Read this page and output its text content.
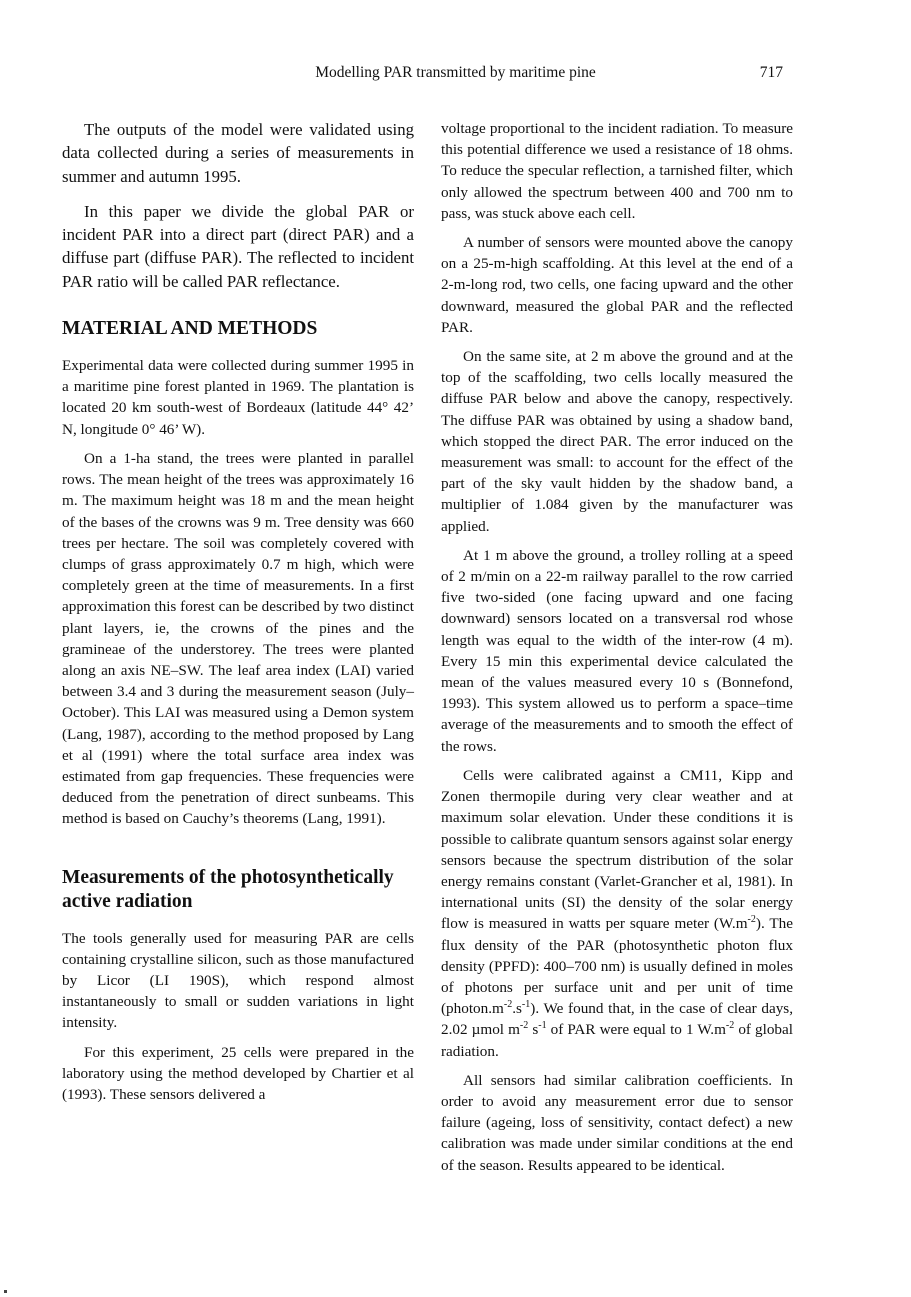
Modelling PAR transmitted by maritime pine	717

The outputs of the model were validated using data collected during a series of measurements in summer and autumn 1995.

In this paper we divide the global PAR or incident PAR into a direct part (direct PAR) and a diffuse part (diffuse PAR). The reflected to incident PAR ratio will be called PAR reflectance.

MATERIAL AND METHODS

Experimental data were collected during summer 1995 in a maritime pine forest planted in 1969. The plantation is located 20 km south-west of Bordeaux (latitude 44° 42’ N, longitude 0° 46’ W).

On a 1-ha stand, the trees were planted in parallel rows. The mean height of the trees was approximately 16 m. The maximum height was 18 m and the mean height of the bases of the crowns was 9 m. Tree density was 660 trees per hectare. The soil was completely covered with clumps of grass approximately 0.7 m high, which were completely green at the time of measurements. In a first approximation this forest can be described by two distinct plant layers, ie, the crowns of the pines and the gramineae of the understorey. The trees were planted along an axis NE–SW. The leaf area index (LAI) varied between 3.4 and 3 during the measurement season (July–October). This LAI was measured using a Demon system (Lang, 1987), according to the method proposed by Lang et al (1991) where the total surface area index was estimated from gap frequencies. These frequencies were deduced from the penetration of direct sunbeams. This method is based on Cauchy’s theorems (Lang, 1991).

Measurements of the photosynthetically active radiation

The tools generally used for measuring PAR are cells containing crystalline silicon, such as those manufactured by Licor (LI 190S), which respond almost instantaneously to small or sudden variations in light intensity.

For this experiment, 25 cells were prepared in the laboratory using the method developed by Chartier et al (1993). These sensors delivered a

voltage proportional to the incident radiation. To measure this potential difference we used a resistance of 18 ohms. To reduce the specular reflection, a tarnished filter, which only allowed the spectrum between 400 and 700 nm to pass, was stuck above each cell.

A number of sensors were mounted above the canopy on a 25-m-high scaffolding. At this level at the end of a 2-m-long rod, two cells, one facing upward and the other downward, measured the global PAR and the reflected PAR.

On the same site, at 2 m above the ground and at the top of the scaffolding, two cells locally measured the diffuse PAR below and above the canopy, respectively. The diffuse PAR was obtained by using a shadow band, which stopped the direct PAR. The error induced on the measurement was small: to account for the effect of the part of the sky vault hidden by the shadow band, a multiplier of 1.084 given by the manufacturer was applied.

At 1 m above the ground, a trolley rolling at a speed of 2 m/min on a 22-m railway parallel to the row carried five two-sided (one facing upward and one facing downward) sensors located on a transversal rod whose length was equal to the width of the inter-row (4 m). Every 15 min this experimental device calculated the mean of the values measured every 10 s (Bonnefond, 1993). This system allowed us to perform a space–time average of the measurements and to smooth the effect of the rows.

Cells were calibrated against a CM11, Kipp and Zonen thermopile during very clear weather and at maximum solar elevation. Under these conditions it is possible to calibrate quantum sensors against solar energy sensors because the spectrum distribution of the solar energy remains constant (Varlet-Grancher et al, 1981). In international units (SI) the density of the solar energy flow is measured in watts per square meter $(W.m^{-2})$. The flux density of the PAR (photosynthetic photon flux density (PPFD): 400–700 nm) is usually defined in moles of photons per surface unit and per unit of time $(photon.m^{-2}.s^{-1})$. We found that, in the case of clear days, 2.02 µmol $m^{-2}$ $s^{-1}$ of PAR were equal to 1 $W.m^{-2}$ of global radiation.

All sensors had similar calibration coefficients. In order to avoid any measurement error due to sensor failure (ageing, loss of sensitivity, contact defect) a new calibration was made under similar conditions at the end of the season. Results appeared to be identical.
